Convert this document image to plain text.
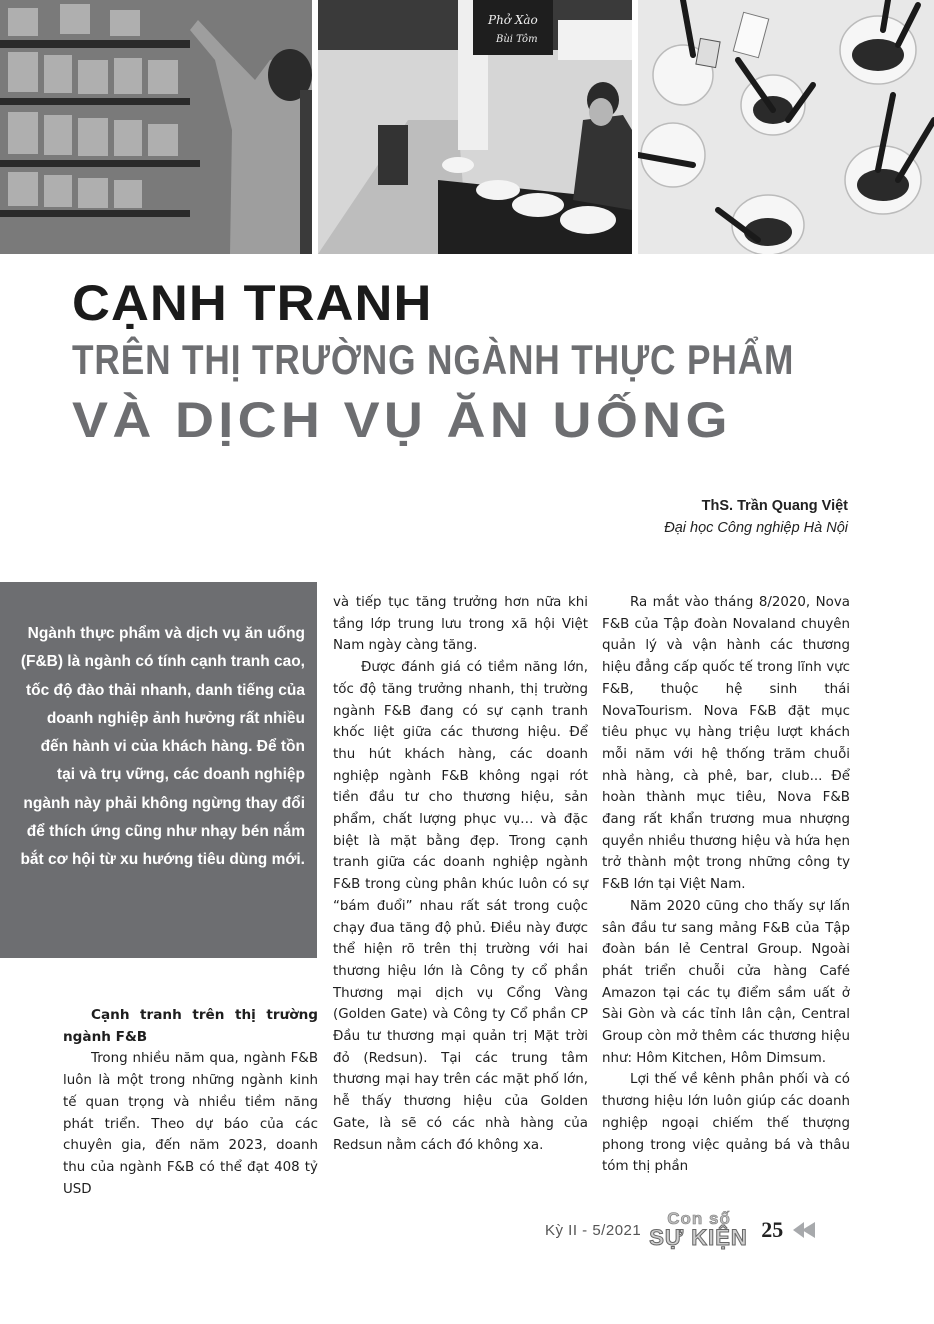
Phở Xào
Bùi Tôm
CẠNH TRANH
TRÊN THỊ TRƯỜNG NGÀNH THỰC PHẨM
VÀ DỊCH VỤ ĂN UỐNG
ThS. Trần Quang Việt
Đại học Công nghiệp Hà Nội

Ngành thực phẩm và dịch vụ ăn uống (F&B) là ngành có tính cạnh tranh cao, tốc độ đào thải nhanh, danh tiếng của doanh nghiệp ảnh hưởng rất nhiều đến hành vi của khách hàng. Để tồn tại và trụ vững, các doanh nghiệp ngành này phải không ngừng thay đổi để thích ứng cũng như nhạy bén nắm bắt cơ hội từ xu hướng tiêu dùng mới.

Cạnh tranh trên thị trường ngành F&B

Trong nhiều năm qua, ngành F&B luôn là một trong những ngành kinh tế quan trọng và nhiều tiềm năng phát triển. Theo dự báo của các chuyên gia, đến năm 2023, doanh thu của ngành F&B có thể đạt 408 tỷ USD

và tiếp tục tăng trưởng hơn nữa khi tầng lớp trung lưu trong xã hội Việt Nam ngày càng tăng.

Được đánh giá có tiềm năng lớn, tốc độ tăng trưởng nhanh, thị trường ngành F&B đang có sự cạnh tranh khốc liệt giữa các thương hiệu. Để thu hút khách hàng, các doanh nghiệp ngành F&B không ngại rót tiền đầu tư cho thương hiệu, sản phẩm, chất lượng phục vụ… và đặc biệt là mặt bằng đẹp. Trong cạnh tranh giữa các doanh nghiệp ngành F&B trong cùng phân khúc luôn có sự “bám đuổi” nhau rất sát trong cuộc chạy đua tăng độ phủ. Điều này được thể hiện rõ trên thị trường với hai thương hiệu lớn là Công ty cổ phần Thương mại dịch vụ Cổng Vàng (Golden Gate) và Công ty Cổ phần CP Đầu tư thương mại quản trị Mặt trời đỏ (Redsun). Tại các trung tâm thương mại hay trên các mặt phố lớn, hễ thấy thương hiệu của Golden Gate, là sẽ có các nhà hàng của Redsun nằm cách đó không xa.

Ra mắt vào tháng 8/2020, Nova F&B của Tập đoàn Novaland chuyên quản lý và vận hành các thương hiệu đẳng cấp quốc tế trong lĩnh vực F&B, thuộc hệ sinh thái NovaTourism. Nova F&B đặt mục tiêu phục vụ hàng triệu lượt khách mỗi năm với hệ thống trăm chuỗi nhà hàng, cà phê, bar, club... Để hoàn thành mục tiêu, Nova F&B đang rất khẩn trương mua nhượng quyền nhiều thương hiệu và hứa hẹn trở thành một trong những công ty F&B lớn tại Việt Nam.

Năm 2020 cũng cho thấy sự lấn sân đầu tư sang mảng F&B của Tập đoàn bán lẻ Central Group. Ngoài phát triển chuỗi cửa hàng Café Amazon tại các tụ điểm sầm uất ở Sài Gòn và các tỉnh lân cận, Central Group còn mở thêm các thương hiệu như: Hôm Kitchen, Hôm Dimsum.

Lợi thế về kênh phân phối và có thương hiệu lớn luôn giúp các doanh nghiệp ngoại chiếm thế thượng phong trong việc quảng bá và thâu tóm thị phần

Kỳ II - 5/2021
Con số
SỰ KIỆN 25
